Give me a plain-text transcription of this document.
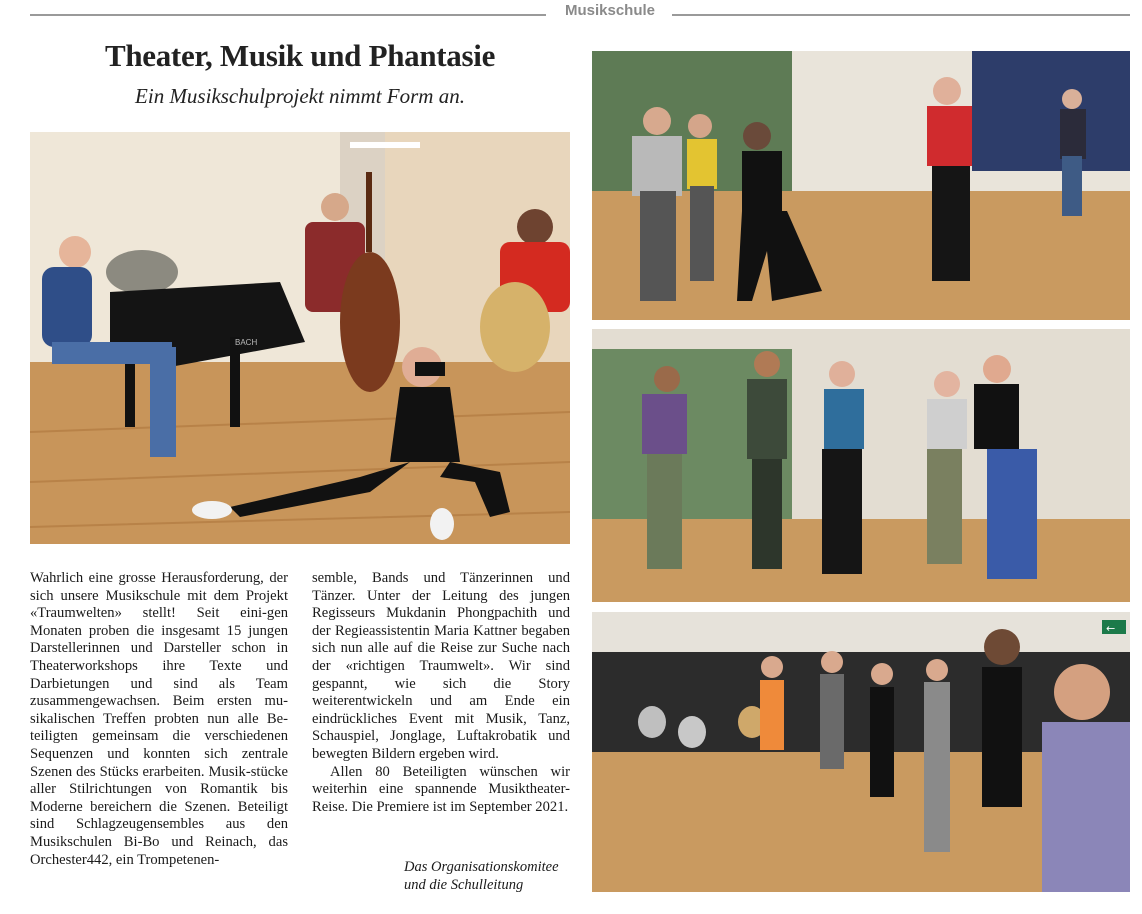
Musikschule
Theater, Musik und Phantasie
Ein Musikschulprojekt nimmt Form an.
BACH
←

Wahrlich eine grosse Herausforderung, der sich unsere Musikschule mit dem Projekt «Traumwelten» stellt! Seit eini-gen Monaten proben die insgesamt 15 jungen Darstellerinnen und Darsteller schon in Theaterworkshops ihre Texte und Darbietungen und sind als Team zusammengewachsen. Beim ersten mu-sikalischen Treffen probten nun alle Be-teiligten gemeinsam die verschiedenen Sequenzen und konnten sich zentrale Szenen des Stücks erarbeiten. Musik-stücke aller Stilrichtungen von Romantik bis Moderne bereichern die Szenen. Beteiligt sind Schlagzeugensembles aus den Musikschulen Bi-Bo und Reinach, das Orchester442, ein Trompetenen-

semble, Bands und Tänzerinnen und Tänzer. Unter der Leitung des jungen Regisseurs Mukdanin Phongpachith und der Regieassistentin Maria Kattner begaben sich nun alle auf die Reise zur Suche nach der «richtigen Traumwelt». Wir sind gespannt, wie sich die Story weiterentwickeln und am Ende ein eindrückliches Event mit Musik, Tanz, Schauspiel, Jonglage, Luftakrobatik und bewegten Bildern ergeben wird.

Allen 80 Beteiligten wünschen wir weiterhin eine spannende Musiktheater-Reise. Die Premiere ist im September 2021.

Das Organisationskomitee
und die Schulleitung
